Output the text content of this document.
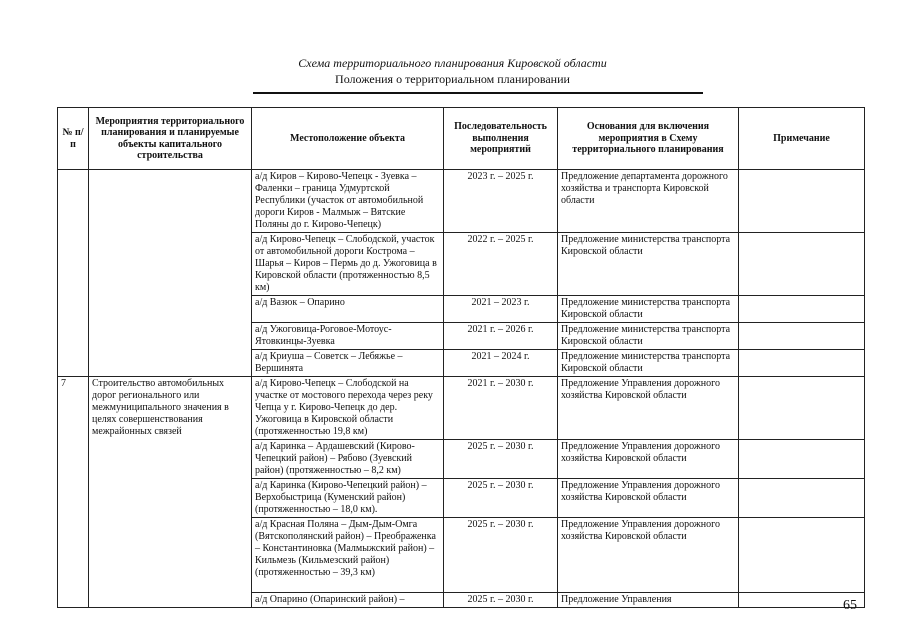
Схема территориального планирования Кировской области
Положения о территориальном планировании
№ п/п	Мероприятия территориального планирования и планируемые объекты капитального строительства	Местоположение объекта	Последовательность выполнения мероприятий	Основания для включения мероприятия в Схему территориального планирования	Примечание
		а/д Киров – Кирово-Чепецк - Зуевка – Фаленки – граница Удмуртской Республики (участок от автомобильной дороги Киров - Малмыж – Вятские Поляны до г. Кирово-Чепецк)	2023 г. – 2025 г.	Предложение департамента дорожного хозяйства и транспорта Кировской области	
		а/д Кирово-Чепецк – Слободской, участок от автомобильной дороги Кострома – Шарья – Киров – Пермь до д. Ужоговица в Кировской области (протяженностью 8,5 км)	2022 г. – 2025 г.	Предложение министерства транспорта Кировской области	
		а/д Вазюк – Опарино	2021 – 2023 г.	Предложение министерства транспорта Кировской области	
		а/д Ужоговица-Роговое-Мотоус-Ятовкинцы-Зуевка	2021 г. – 2026 г.	Предложение министерства транспорта Кировской области	
		а/д Криуша – Советск – Лебяжье – Вершинята	2021 – 2024 г.	Предложение министерства транспорта Кировской области	
7	Строительство автомобильных дорог регионального или межмуниципального значения в целях совершенствования межрайонных связей	а/д Кирово-Чепецк – Слободской на участке от мостового перехода через реку Чепца у г. Кирово-Чепецк до дер. Ужоговица в Кировской области (протяженностью 19,8 км)	2021 г. – 2030 г.	Предложение Управления дорожного хозяйства Кировской области	
		а/д Каринка – Ардашевский (Кирово-Чепецкий район) – Рябово (Зуевский район) (протяженностью – 8,2 км)	2025 г. – 2030 г.	Предложение Управления дорожного хозяйства Кировской области	
		а/д Каринка (Кирово-Чепецкий район) – Верхобыстрица (Куменский район) (протяженностью – 18,0 км).	2025 г. – 2030 г.	Предложение Управления дорожного хозяйства Кировской области	
		а/д Красная Поляна – Дым-Дым-Омга (Вятскополянский район) – Преображенка – Константиновка (Малмыжский район) – Кильмезь (Кильмезский район) (протяженностью – 39,3 км)	2025 г. – 2030 г.	Предложение Управления дорожного хозяйства Кировской области	
		а/д Опарино (Опаринский район) –	2025 г. – 2030 г.	Предложение Управления		65
